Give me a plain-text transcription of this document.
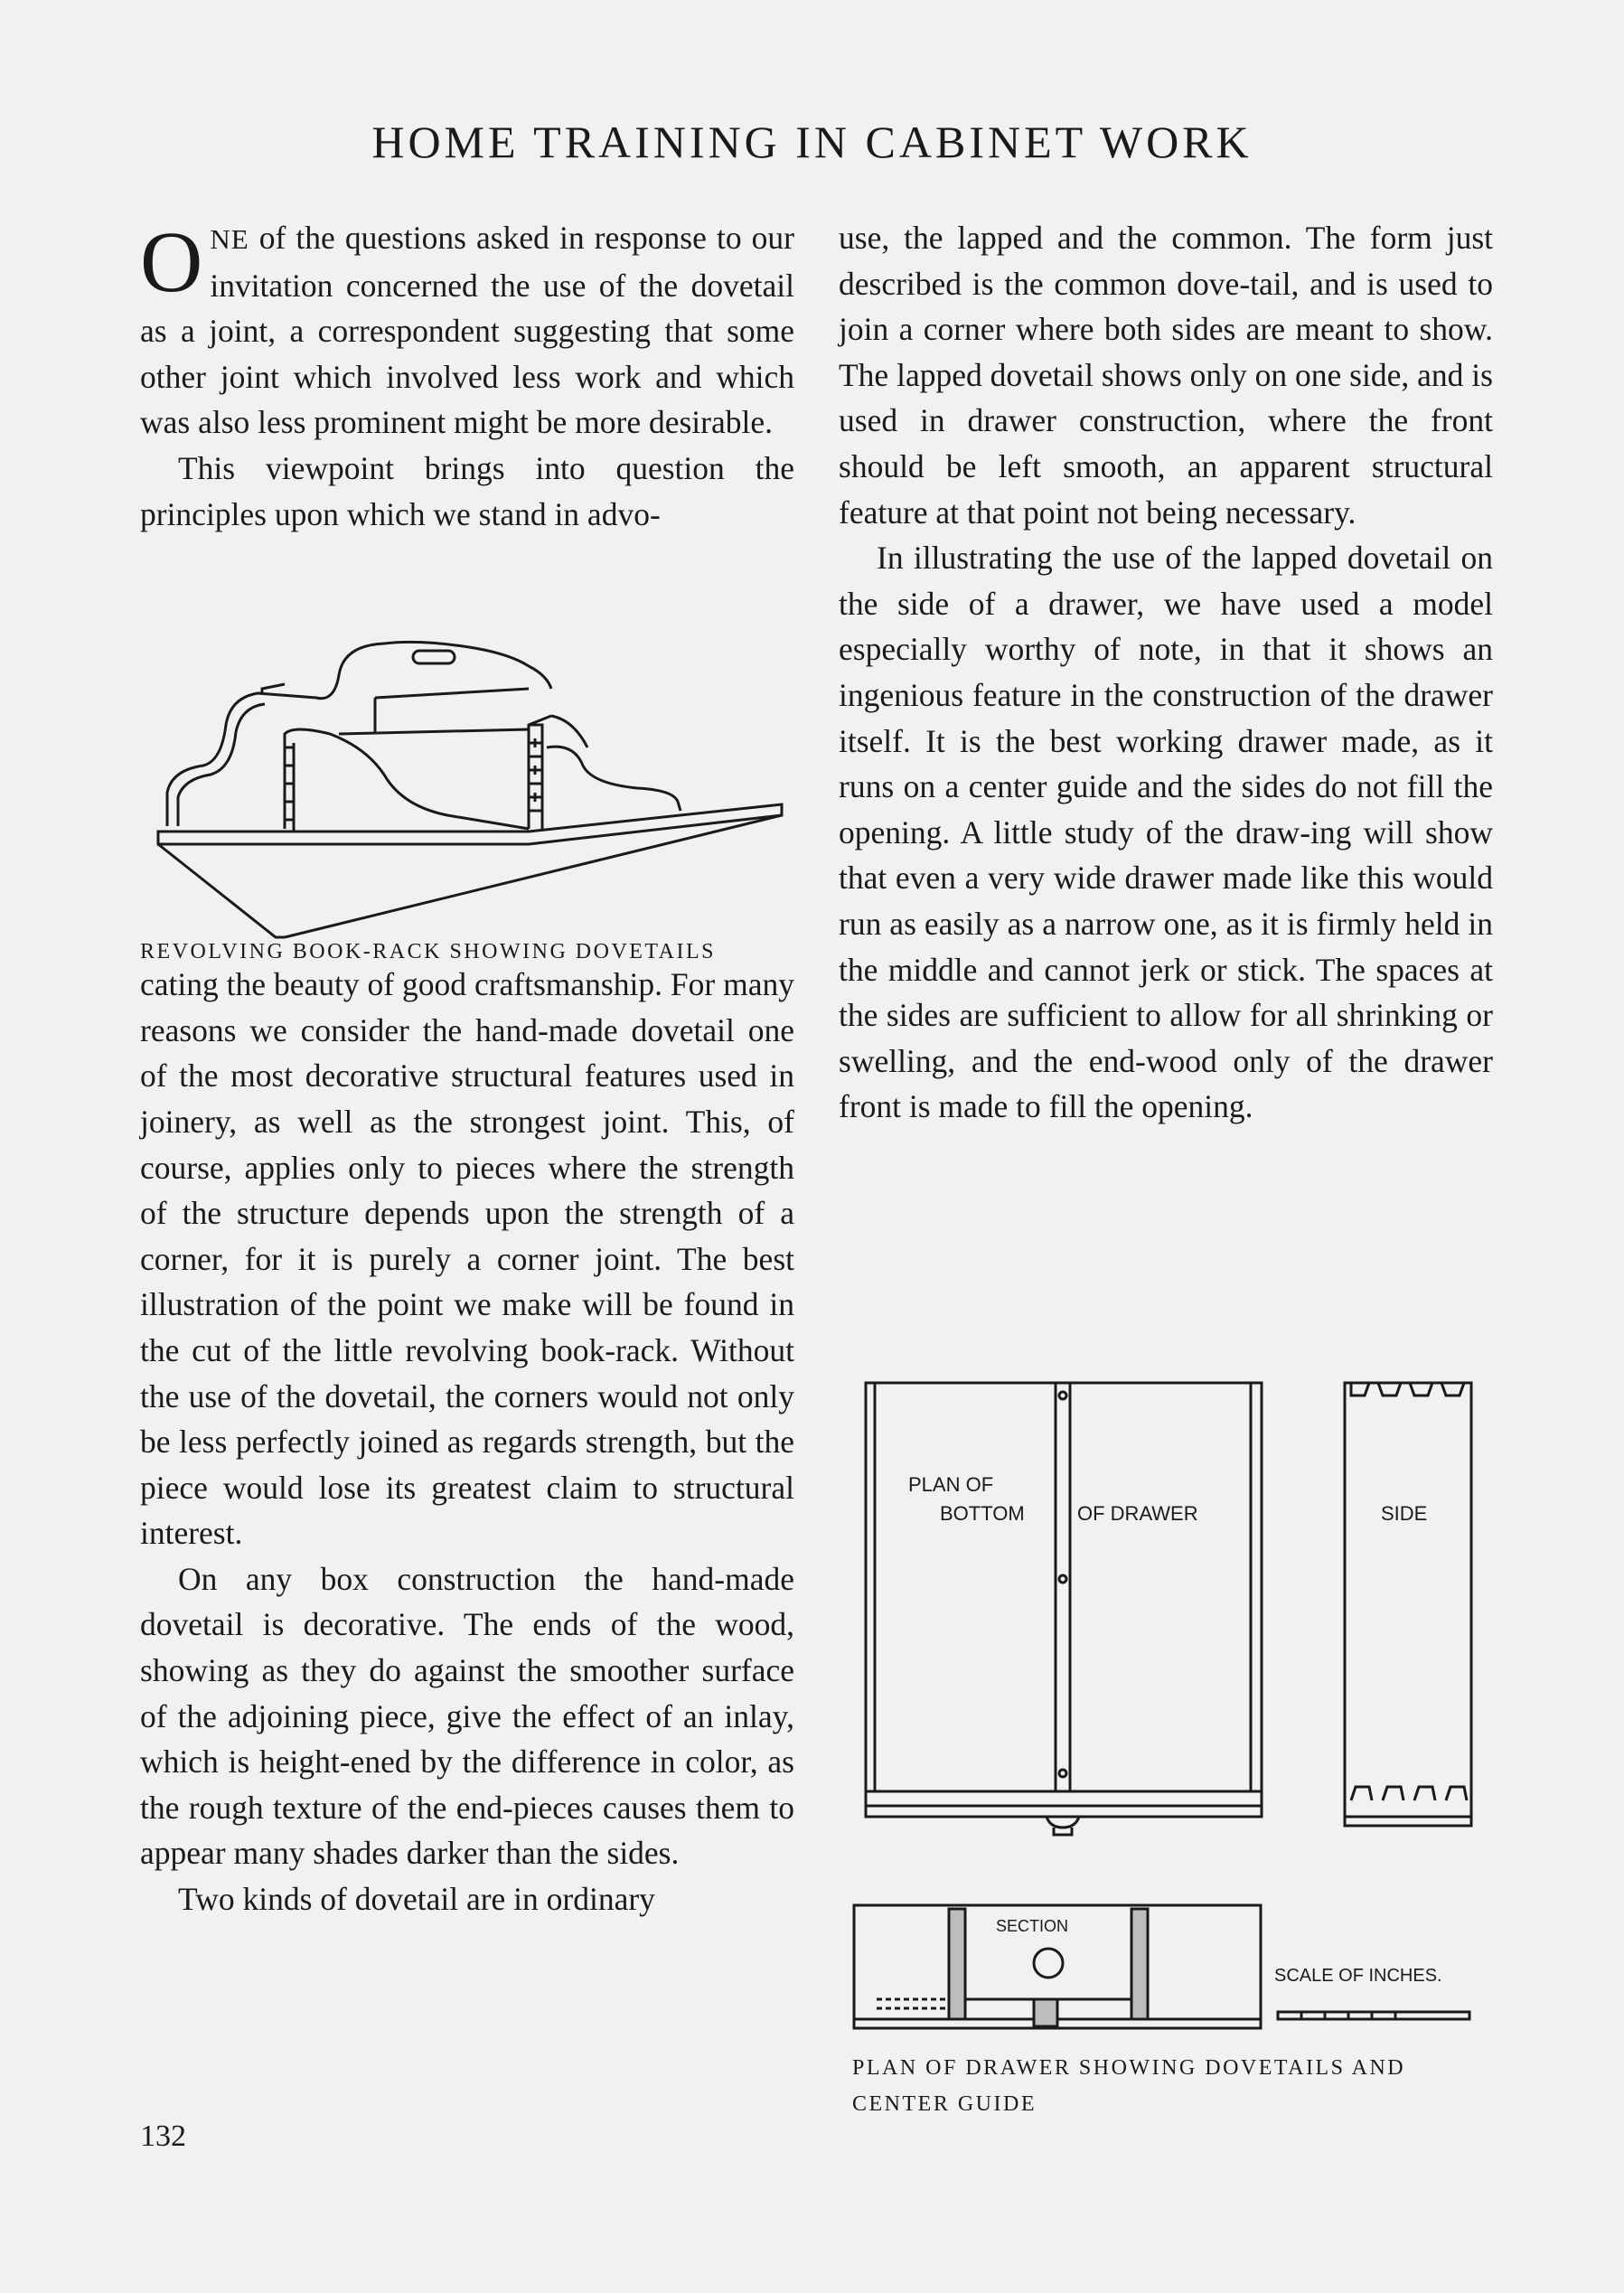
HOME TRAINING IN CABINET WORK

ONE of the questions asked in response to our invitation concerned the use of the dovetail as a joint, a correspondent suggesting that some other joint which involved less work and which was also less prominent might be more desirable.

This viewpoint brings into question the principles upon which we stand in advo-

cating the beauty of good craftsmanship. For many reasons we consider the hand-made dovetail one of the most decorative structural features used in joinery, as well as the strongest joint. This, of course, applies only to pieces where the strength of the structure depends upon the strength of a corner, for it is purely a corner joint. The best illustration of the point we make will be found in the cut of the little revolving book-rack. Without the use of the dovetail, the corners would not only be less perfectly joined as regards strength, but the piece would lose its greatest claim to structural interest.

On any box construction the hand-made dovetail is decorative. The ends of the wood, showing as they do against the smoother surface of the adjoining piece, give the effect of an inlay, which is height-ened by the difference in color, as the rough texture of the end-pieces causes them to appear many shades darker than the sides.

Two kinds of dovetail are in ordinary

REVOLVING BOOK-RACK SHOWING DOVETAILS

use, the lapped and the common. The form just described is the common dove-tail, and is used to join a corner where both sides are meant to show. The lapped dovetail shows only on one side, and is used in drawer construction, where the front should be left smooth, an apparent structural feature at that point not being necessary.

In illustrating the use of the lapped dovetail on the side of a drawer, we have used a model especially worthy of note, in that it shows an ingenious feature in the construction of the drawer itself. It is the best working drawer made, as it runs on a center guide and the sides do not fill the opening. A little study of the draw-ing will show that even a very wide drawer made like this would run as easily as a narrow one, as it is firmly held in the middle and cannot jerk or stick. The spaces at the sides are sufficient to allow for all shrinking or swelling, and the end-wood only of the drawer front is made to fill the opening.

PLAN OF
BOTTOM	OF DRAWER	SIDE
SECTION
SCALE OF INCHES.
PLAN OF DRAWER SHOWING DOVETAILS AND CENTER GUIDE
132
